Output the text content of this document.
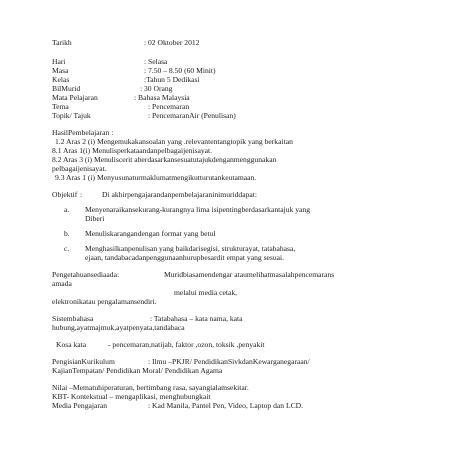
Tarikh	: 02 Oktober 2012
Hari	: Selasa
Masa	: 7.50 – 8.50 (60 Minit)
Kelas	:Tahun 5 Dedikasi
BilMurid	: 30 Orang
Mata Pelajaran	: Bahasa Malaysia
Tema	: Pencemaran
Topik/ Tajuk	: PencemaranAir (Penulisan)
HasilPembelajaran :
1.2 Aras 2 (i) Mengemukakansoalan yang .relevantentangtopik yang berkaitan
8.1 Aras 1(i) Menulisperkataandanpelbagaijenisayat.
8.2 Aras 3 (i) Menuliscerit aberdasarkansesuatutajukdenganmenggunakan
pelbagaijenisayat.
9.3 Aras 1 (i) Menyusunaturmaklumatmengikutturutankeutamaan.
Objektif :	Di akhirpengajarandanpembelajaraninimuriddapat:
a.	Menyenaraikansekurang-kurangnya lima isipentingberdasarkantajuk yang
Diberi
b.	Menuliskarangandengan format yang betul
c.	Menghasilkanpenulisan yang baikdarisegisi, strukturayat, tatabahasa,
ejaan, tandabacadanpenggunaanhurupbesardit empat yang sesuai.
Pengetahuansediaada:	Muridbiasamendengar ataumelihatmasalahpencemarans
amada
melalui media cetak,
elektronikatau pengalamansendiri.
Sistembahasa	: Tatabahasa – kata nama, kata
hubung,ayatmajmuk,ayatpenyata,tandabaca
Kosa kata	- pencemaran,natijah, faktor ,ozon, toksik ,penyakit
PengisianKurikulum	: Ilmu –PKJR/ PendidikanSivkdanKewarganegaraan/
KajianTempatan/ Pendidikan Moral/ Pendidikan Agama
Nilai –Mematuhiperaturan, bertimbang rasa, sayangialamsekitar.
KBT- Kontekstual – mengaplikasi, menghubungkait
Media Pengajaran	: Kad Manila, Pantel Pen, Video, Laptop dan LCD.
